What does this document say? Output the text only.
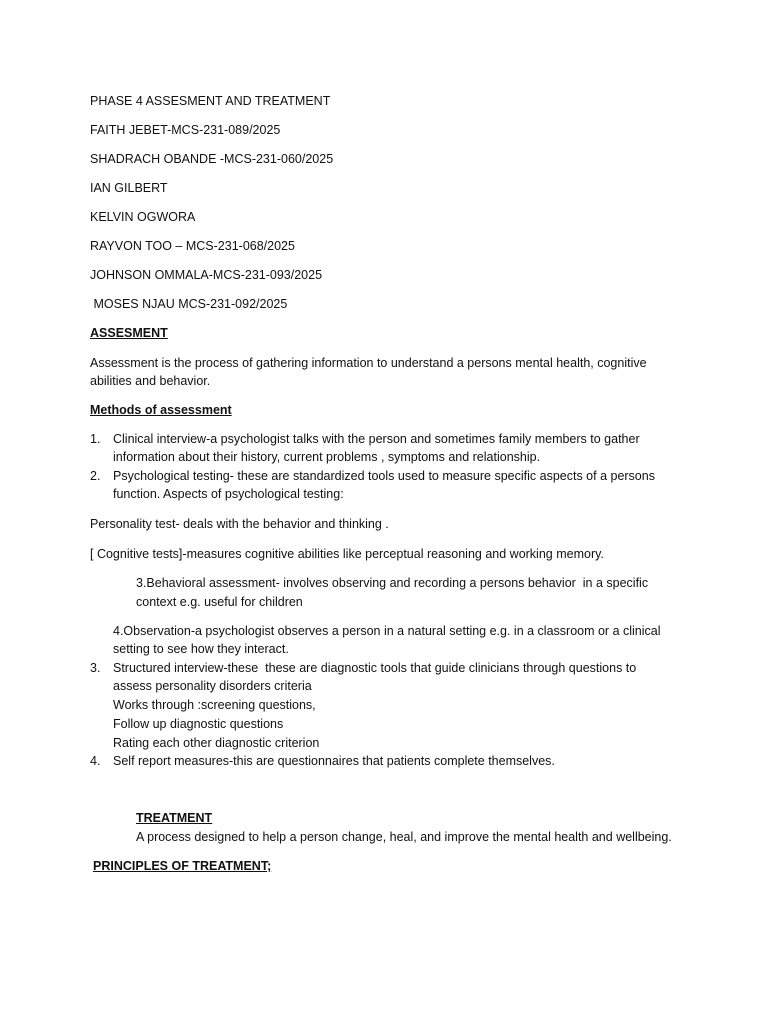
PHASE 4 ASSESMENT AND TREATMENT
FAITH JEBET-MCS-231-089/2025
SHADRACH OBANDE -MCS-231-060/2025
IAN GILBERT
KELVIN OGWORA
RAYVON TOO – MCS-231-068/2025
JOHNSON OMMALA-MCS-231-093/2025
MOSES NJAU MCS-231-092/2025
ASSESMENT
Assessment is the process of gathering information to understand a persons mental health, cognitive
abilities and behavior.
Methods of assessment
1. Clinical interview-a psychologist talks with the person and sometimes family members to gather
information about their history, current problems , symptoms and relationship.
2. Psychological testing- these are standardized tools used to measure specific aspects of a persons
function. Aspects of psychological testing:
Personality test- deals with the behavior and thinking .
[ Cognitive tests]-measures cognitive abilities like perceptual reasoning and working memory.
3.Behavioral assessment- involves observing and recording a persons behavior  in a specific
context e.g. useful for children
4.Observation-a psychologist observes a person in a natural setting e.g. in a classroom or a clinical
setting to see how they interact.
3. Structured interview-these  these are diagnostic tools that guide clinicians through questions to
assess personality disorders criteria
Works through :screening questions,
Follow up diagnostic questions
Rating each other diagnostic criterion
4. Self report measures-this are questionnaires that patients complete themselves.
TREATMENT
A process designed to help a person change, heal, and improve the mental health and wellbeing.
PRINCIPLES OF TREATMENT;
